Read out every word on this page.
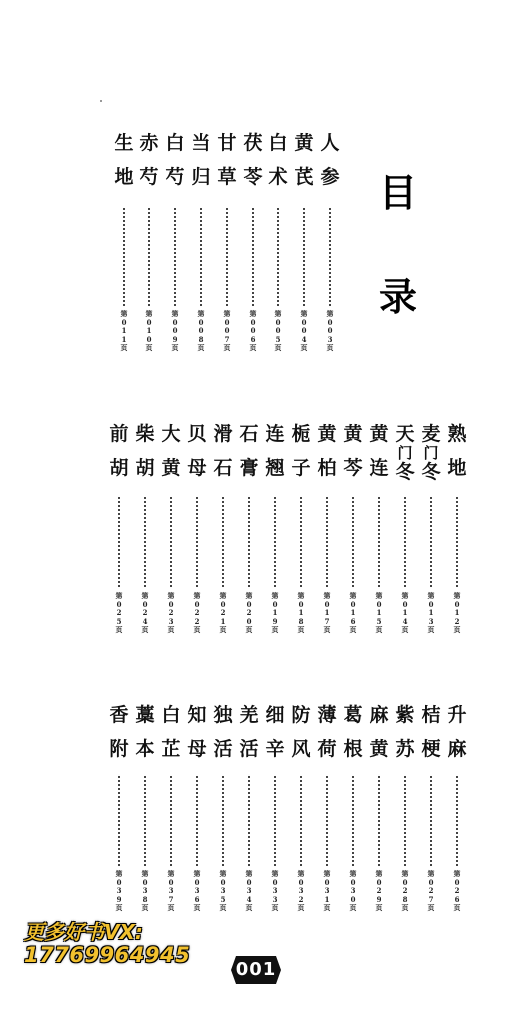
目
录
人
参
第
0
0
3
页
黄
芪
第
0
0
4
页
白
术
第
0
0
5
页
茯
苓
第
0
0
6
页
甘
草
第
0
0
7
页
当
归
第
0
0
8
页
白
芍
第
0
0
9
页
赤
芍
第
0
1
0
页
生
地
第
0
1
1
页
熟
地
第
0
1
2
页
麦
门
冬
第
0
1
3
页
天
门
冬
第
0
1
4
页
黄
连
第
0
1
5
页
黄
芩
第
0
1
6
页
黄
柏
第
0
1
7
页
栀
子
第
0
1
8
页
连
翘
第
0
1
9
页
石
膏
第
0
2
0
页
滑
石
第
0
2
1
页
贝
母
第
0
2
2
页
大
黄
第
0
2
3
页
柴
胡
第
0
2
4
页
前
胡
第
0
2
5
页
升
麻
第
0
2
6
页
桔
梗
第
0
2
7
页
紫
苏
第
0
2
8
页
麻
黄
第
0
2
9
页
葛
根
第
0
3
0
页
薄
荷
第
0
3
1
页
防
风
第
0
3
2
页
细
辛
第
0
3
3
页
羌
活
第
0
3
4
页
独
活
第
0
3
5
页
知
母
第
0
3
6
页
白
芷
第
0
3
7
页
藁
本
第
0
3
8
页
香
附
第
0
3
9
页
更多好书VX:
17769964945
001
